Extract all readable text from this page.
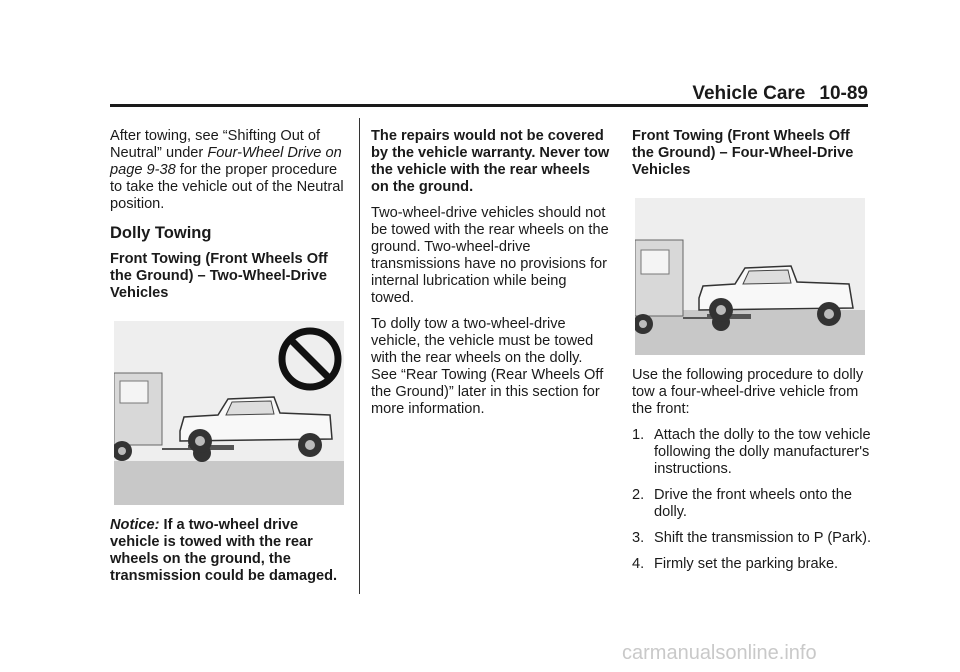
Vehicle Care 10-89

After towing, see “Shifting Out of Neutral” under Four-Wheel Drive on page 9-38 for the proper procedure to take the vehicle out of the Neutral position.

Dolly Towing

Front Towing (Front Wheels Off the Ground) – Two-Wheel-Drive Vehicles

Notice: If a two-wheel drive vehicle is towed with the rear wheels on the ground, the transmission could be damaged.

The repairs would not be covered by the vehicle warranty. Never tow the vehicle with the rear wheels on the ground.

Two-wheel-drive vehicles should not be towed with the rear wheels on the ground. Two-wheel-drive transmissions have no provisions for internal lubrication while being towed.

To dolly tow a two-wheel-drive vehicle, the vehicle must be towed with the rear wheels on the dolly. See “Rear Towing (Rear Wheels Off the Ground)” later in this section for more information.

Front Towing (Front Wheels Off the Ground) – Four-Wheel-Drive Vehicles

Use the following procedure to dolly tow a four-wheel-drive vehicle from the front:

1. Attach the dolly to the tow vehicle following the dolly manufacturer's instructions.
2. Drive the front wheels onto the dolly.
3. Shift the transmission to P (Park).
4. Firmly set the parking brake.
carmanualsonline.info
